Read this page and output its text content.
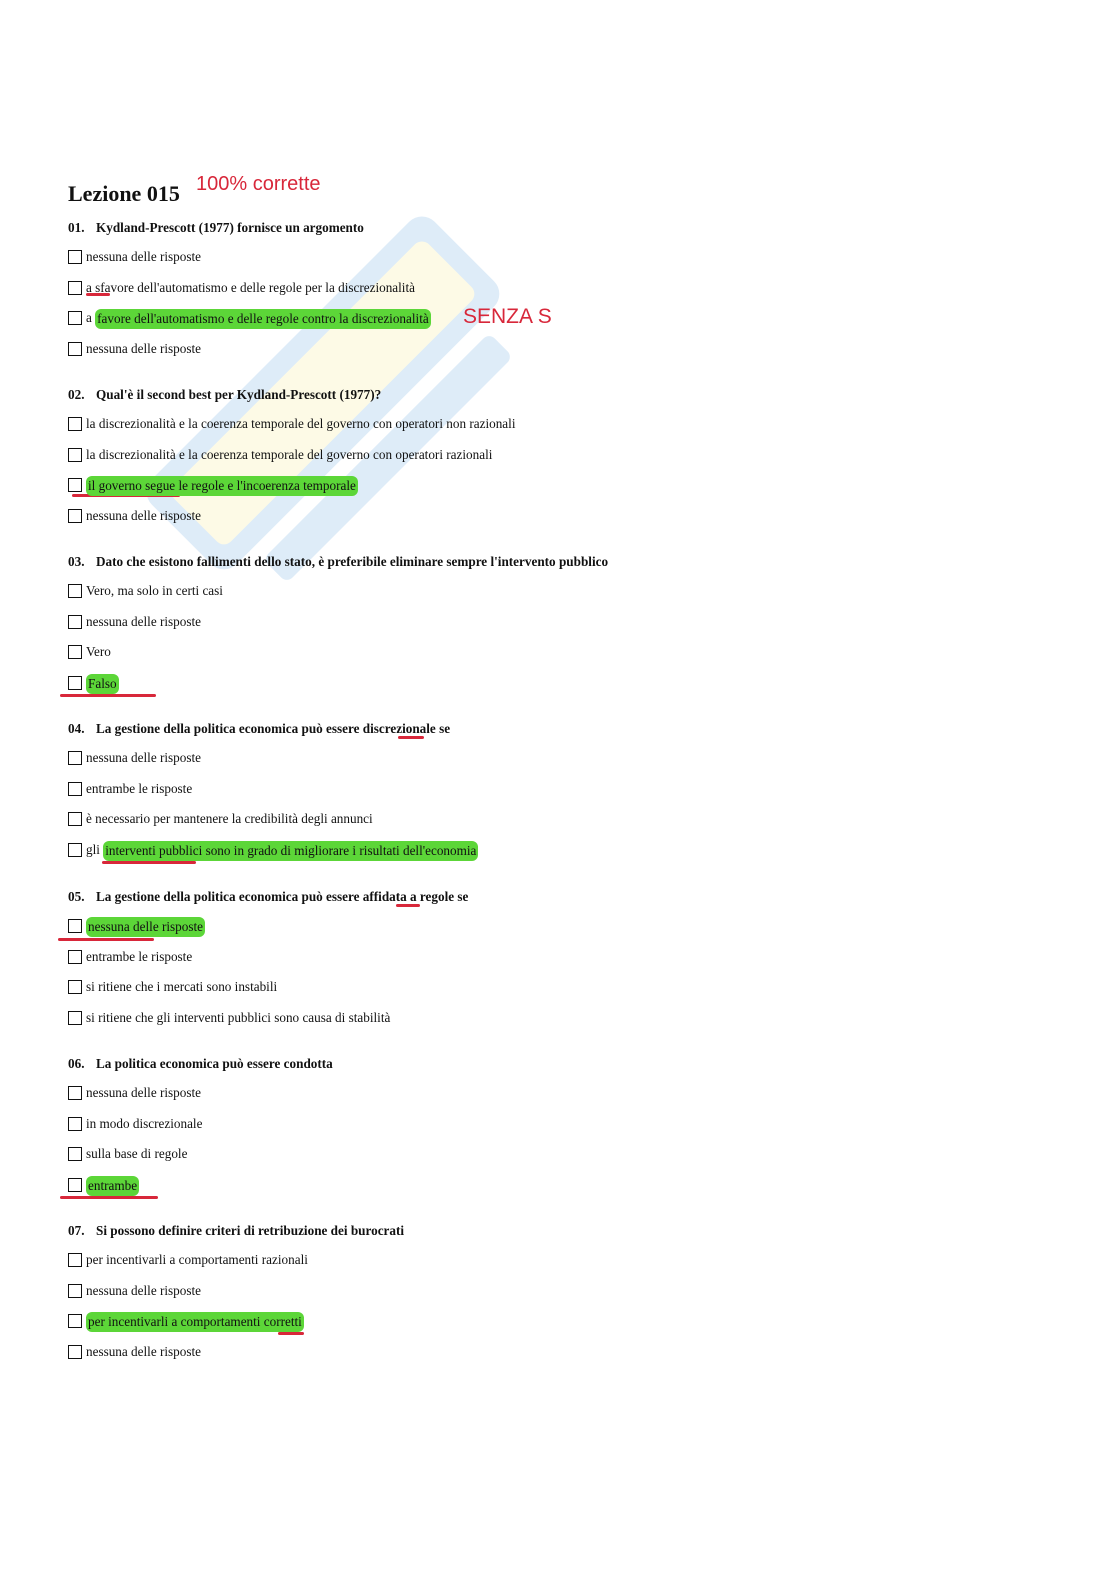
Lezione 015 100% corrette
SENZA S
01. Kydland-Prescott (1977) fornisce un argomento
nessuna delle risposte
a sfavore dell'automatismo e delle regole per la discrezionalità
a favore dell'automatismo e delle regole contro la discrezionalità
nessuna delle risposte
02. Qual'è il second best per Kydland-Prescott (1977)?
la discrezionalità e la coerenza temporale del governo con operatori non razionali
la discrezionalità e la coerenza temporale del governo con operatori razionali
il governo segue le regole e l'incoerenza temporale
nessuna delle risposte
03. Dato che esistono fallimenti dello stato, è preferibile eliminare sempre l'intervento pubblico
Vero, ma solo in certi casi
nessuna delle risposte
Vero
Falso
04. La gestione della politica economica può essere discrezionale se
nessuna delle risposte
entrambe le risposte
è necessario per mantenere la credibilità degli annunci
gli interventi pubblici sono in grado di migliorare i risultati dell'economia
05. La gestione della politica economica può essere affidata a regole se
nessuna delle risposte
entrambe le risposte
si ritiene che i mercati sono instabili
si ritiene che gli interventi pubblici sono causa di stabilità
06. La politica economica può essere condotta
nessuna delle risposte
in modo discrezionale
sulla base di regole
entrambe
07. Si possono definire criteri di retribuzione dei burocrati
per incentivarli a comportamenti razionali
nessuna delle risposte
per incentivarli a comportamenti corretti
nessuna delle risposte
